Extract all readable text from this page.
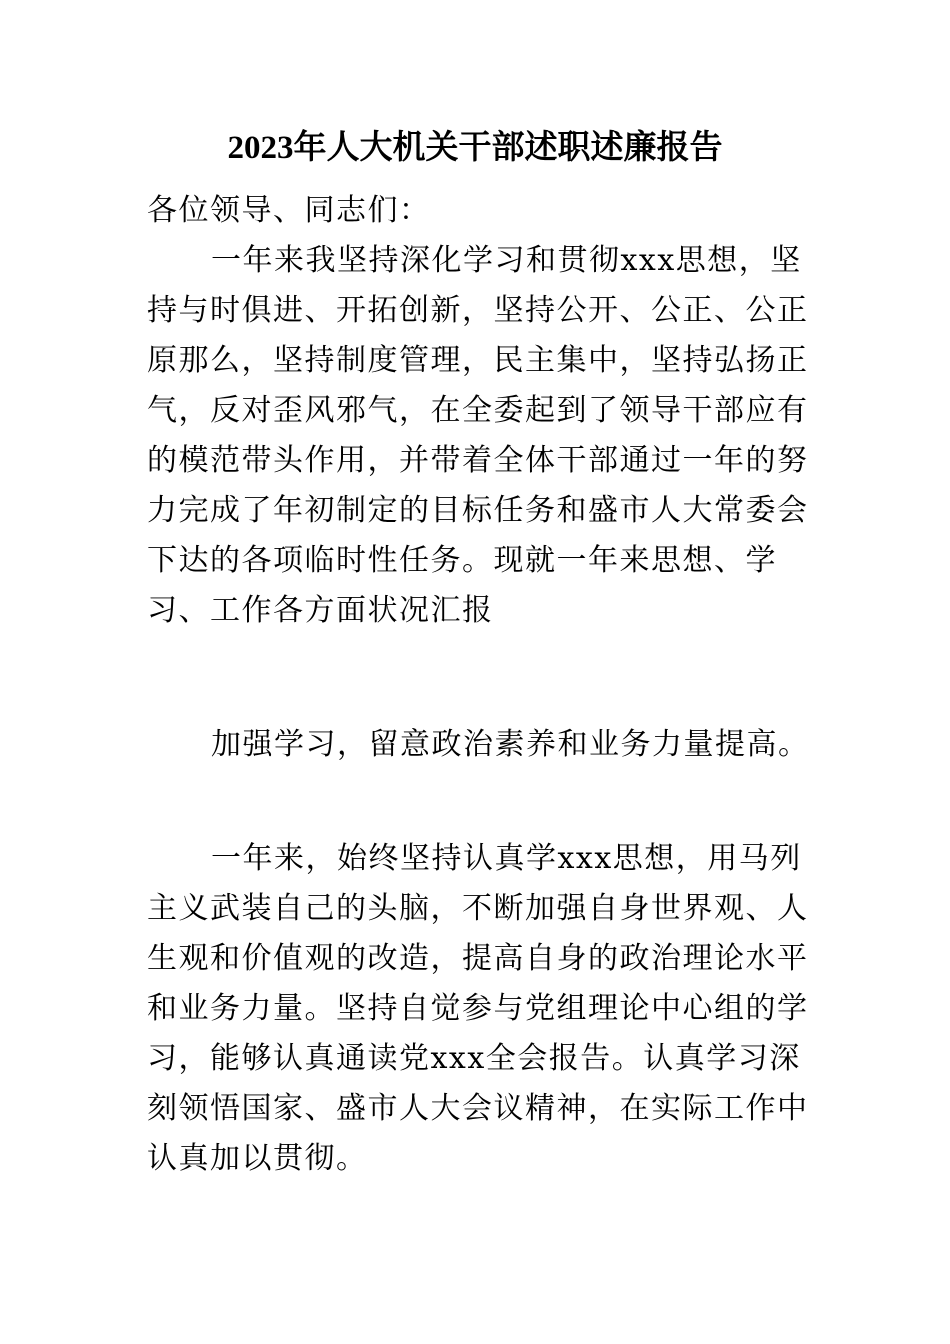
2023年人大机关干部述职述廉报告

各位领导、同志们：

一年来我坚持深化学习和贯彻xxx思想，坚持与时俱进、开拓创新，坚持公开、公正、公正原那么，坚持制度管理，民主集中，坚持弘扬正气，反对歪风邪气，在全委起到了领导干部应有的模范带头作用，并带着全体干部通过一年的努力完成了年初制定的目标任务和盛市人大常委会下达的各项临时性任务。现就一年来思想、学习、工作各方面状况汇报

加强学习，留意政治素养和业务力量提高。

一年来，始终坚持认真学xxx思想，用马列主义武装自己的头脑，不断加强自身世界观、人生观和价值观的改造，提高自身的政治理论水平和业务力量。坚持自觉参与党组理论中心组的学习，能够认真通读党xxx全会报告。认真学习深刻领悟国家、盛市人大会议精神，在实际工作中认真加以贯彻。
